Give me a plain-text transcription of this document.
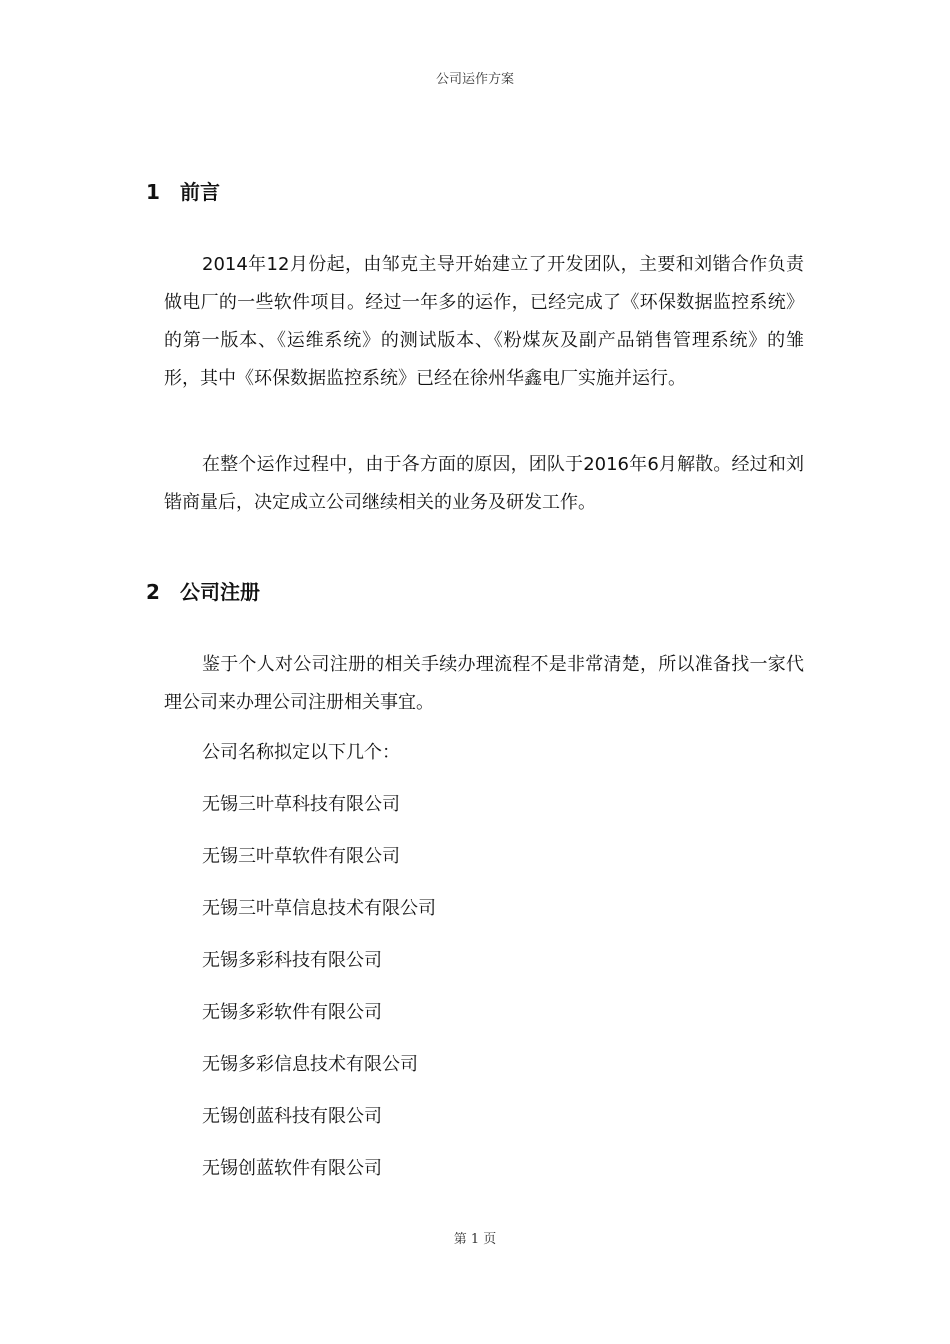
公司运作方案
1 前言

2014年12月份起，由邹克主导开始建立了开发团队，主要和刘锴合作负责做电厂的一些软件项目。经过一年多的运作，已经完成了《环保数据监控系统》的第一版本、《运维系统》的测试版本、《粉煤灰及副产品销售管理系统》的雏形，其中《环保数据监控系统》已经在徐州华鑫电厂实施并运行。

在整个运作过程中，由于各方面的原因，团队于2016年6月解散。经过和刘锴商量后，决定成立公司继续相关的业务及研发工作。

2 公司注册

鉴于个人对公司注册的相关手续办理流程不是非常清楚，所以准备找一家代理公司来办理公司注册相关事宜。

公司名称拟定以下几个：
无锡三叶草科技有限公司
无锡三叶草软件有限公司
无锡三叶草信息技术有限公司
无锡多彩科技有限公司
无锡多彩软件有限公司
无锡多彩信息技术有限公司
无锡创蓝科技有限公司
无锡创蓝软件有限公司
第 1 页
